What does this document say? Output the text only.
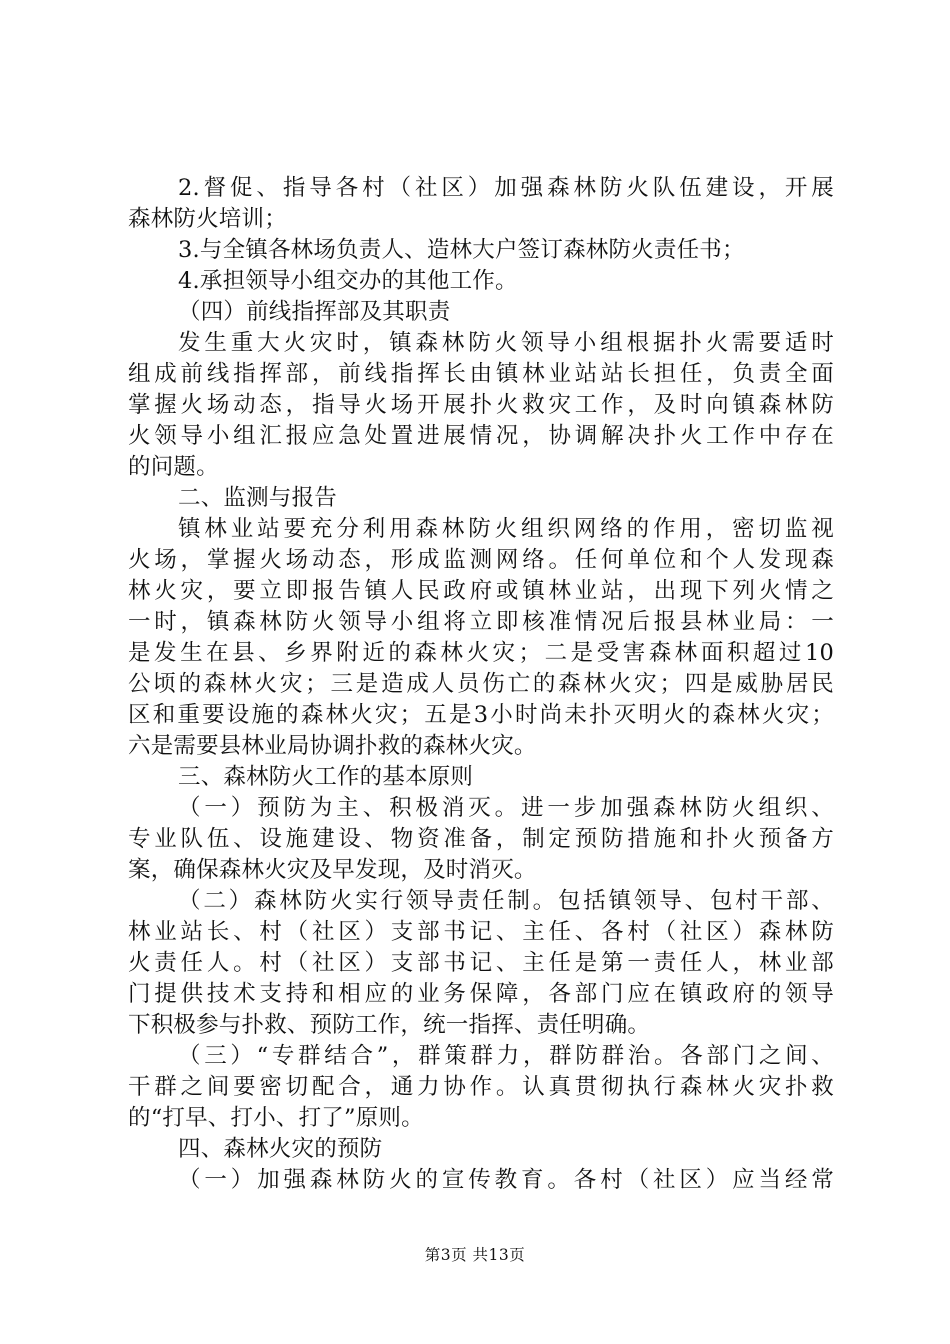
2.督促、指导各村（社区）加强森林防火队伍建设，开展
森林防火培训；
3.与全镇各林场负责人、造林大户签订森林防火责任书；
4.承担领导小组交办的其他工作。
（四）前线指挥部及其职责
发生重大火灾时，镇森林防火领导小组根据扑火需要适时
组成前线指挥部，前线指挥长由镇林业站站长担任，负责全面
掌握火场动态，指导火场开展扑火救灾工作，及时向镇森林防
火领导小组汇报应急处置进展情况，协调解决扑火工作中存在
的问题。
二、监测与报告
镇林业站要充分利用森林防火组织网络的作用，密切监视
火场，掌握火场动态，形成监测网络。任何单位和个人发现森
林火灾，要立即报告镇人民政府或镇林业站，出现下列火情之
一时，镇森林防火领导小组将立即核准情况后报县林业局：一
是发生在县、乡界附近的森林火灾；二是受害森林面积超过10
公顷的森林火灾；三是造成人员伤亡的森林火灾；四是威胁居民
区和重要设施的森林火灾；五是3小时尚未扑灭明火的森林火灾；
六是需要县林业局协调扑救的森林火灾。
三、森林防火工作的基本原则
（一）预防为主、积极消灭。进一步加强森林防火组织、
专业队伍、设施建设、物资准备，制定预防措施和扑火预备方
案，确保森林火灾及早发现，及时消灭。
（二）森林防火实行领导责任制。包括镇领导、包村干部、
林业站长、村（社区）支部书记、主任、各村（社区）森林防
火责任人。村（社区）支部书记、主任是第一责任人，林业部
门提供技术支持和相应的业务保障，各部门应在镇政府的领导
下积极参与扑救、预防工作，统一指挥、责任明确。
（三）“专群结合”，群策群力，群防群治。各部门之间、
干群之间要密切配合，通力协作。认真贯彻执行森林火灾扑救
的“打早、打小、打了”原则。
四、森林火灾的预防
（一）加强森林防火的宣传教育。各村（社区）应当经常
第3页 共13页
